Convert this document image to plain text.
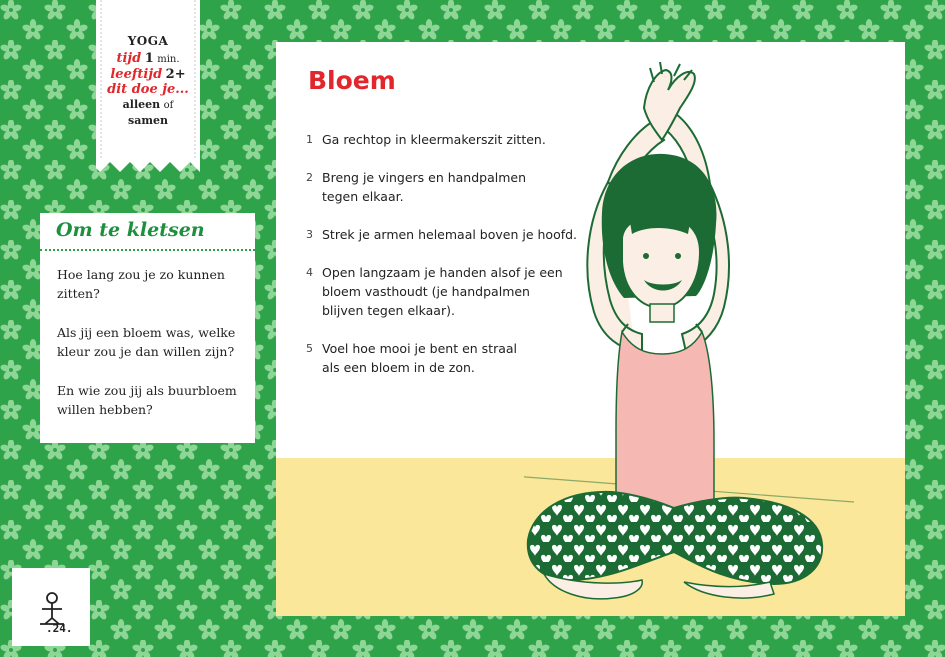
YOGA
tijd 1 min.
leeftijd 2+
dit doe je...
alleen of
samen
Om te kletsen

Hoe lang zou je zo kunnen zitten?

Als jij een bloem was, welke kleur zou je dan willen zijn?

En wie zou jij als buurbloem willen hebben?

Bloem
1 Ga rechtop in kleermakerszit zitten.
2 Breng je vingers en handpalmen tegen elkaar.
3 Strek je armen helemaal boven je hoofd.
4 Open langzaam je handen alsof je een bloem vasthoudt (je handpalmen blijven tegen elkaar).
5 Voel hoe mooi je bent en straal als een bloem in de zon.
.24.
